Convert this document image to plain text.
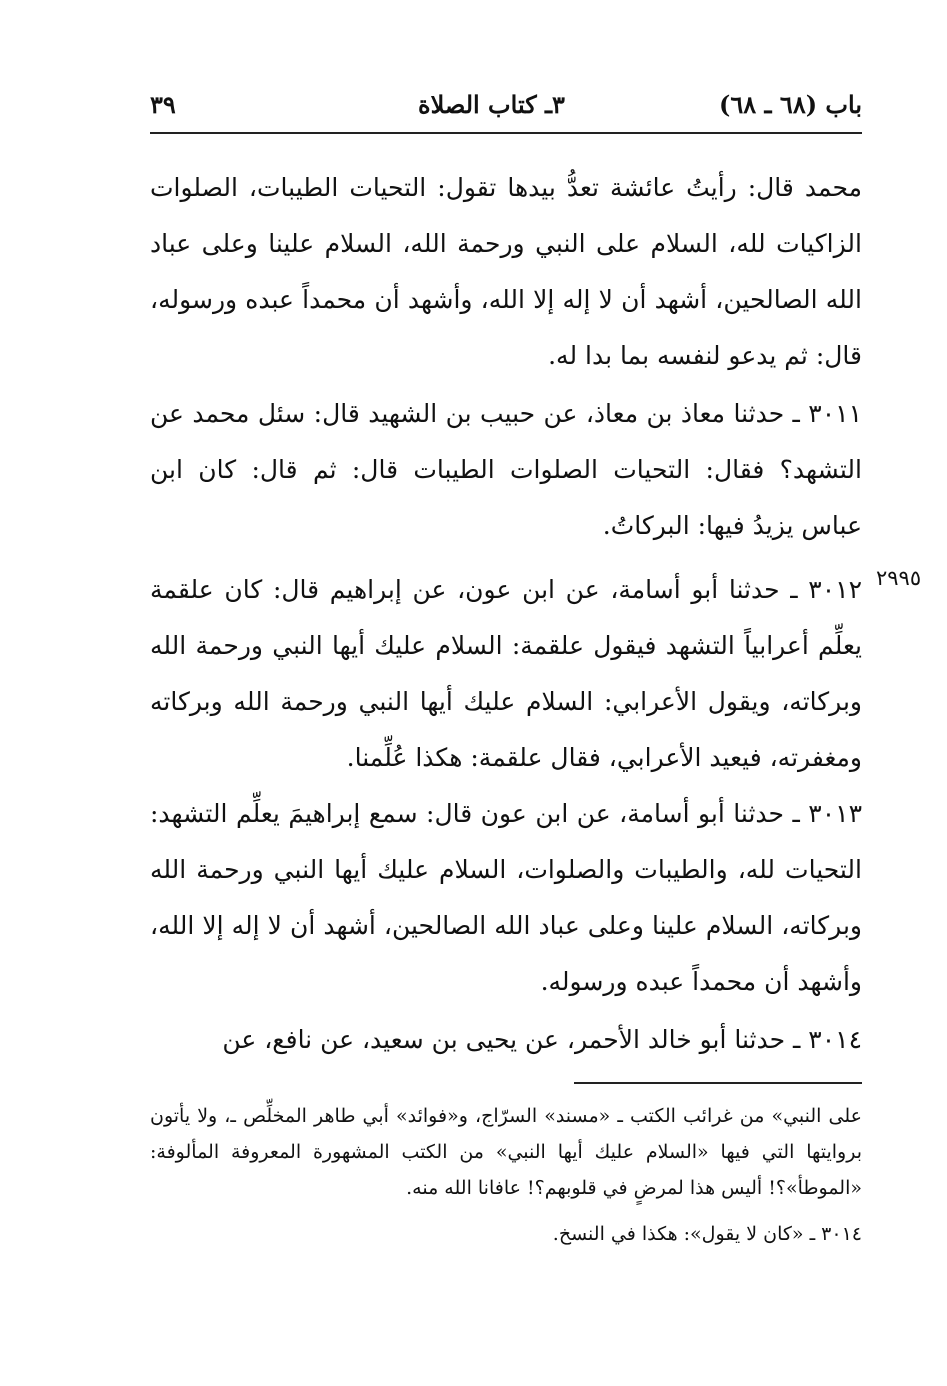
باب (٦٨ ـ ٦٨)
٣ـ كتاب الصلاة
٣٩

محمد قال: رأيتُ عائشة تعدُّ بيدها تقول: التحيات الطيبات، الصلوات الزاكيات لله، السلام على النبي ورحمة الله، السلام علينا وعلى عباد الله الصالحين، أشهد أن لا إله إلا الله، وأشهد أن محمداً عبده ورسوله، قال: ثم يدعو لنفسه بما بدا له.

٣٠١١ ـ حدثنا معاذ بن معاذ، عن حبيب بن الشهيد قال: سئل محمد عن التشهد؟ فقال: التحيات الصلوات الطيبات قال: ثم قال: كان ابن عباس يزيدُ فيها: البركاتُ.

٢٩٩٥

٣٠١٢ ـ حدثنا أبو أسامة، عن ابن عون، عن إبراهيم قال: كان علقمة يعلِّم أعرابياً التشهد فيقول علقمة: السلام عليك أيها النبي ورحمة الله وبركاته، ويقول الأعرابي: السلام عليك أيها النبي ورحمة الله وبركاته ومغفرته، فيعيد الأعرابي، فقال علقمة: هكذا عُلِّمنا.

٣٠١٣ ـ حدثنا أبو أسامة، عن ابن عون قال: سمع إبراهيمَ يعلِّم التشهد: التحيات لله، والطيبات والصلوات، السلام عليك أيها النبي ورحمة الله وبركاته، السلام علينا وعلى عباد الله الصالحين، أشهد أن لا إله إلا الله، وأشهد أن محمداً عبده ورسوله.

٣٠١٤ ـ حدثنا أبو خالد الأحمر، عن يحيى بن سعيد، عن نافع، عن

على النبي» من غرائب الكتب ـ «مسند» السرّاج، و«فوائد» أبي طاهر المخلِّص ـ، ولا يأتون بروايتها التي فيها «السلام عليك أيها النبي» من الكتب المشهورة المعروفة المألوفة: «الموطأ»؟! أليس هذا لمرضٍ في قلوبهم؟! عافانا الله منه.

٣٠١٤ ـ «كان لا يقول»: هكذا في النسخ.
